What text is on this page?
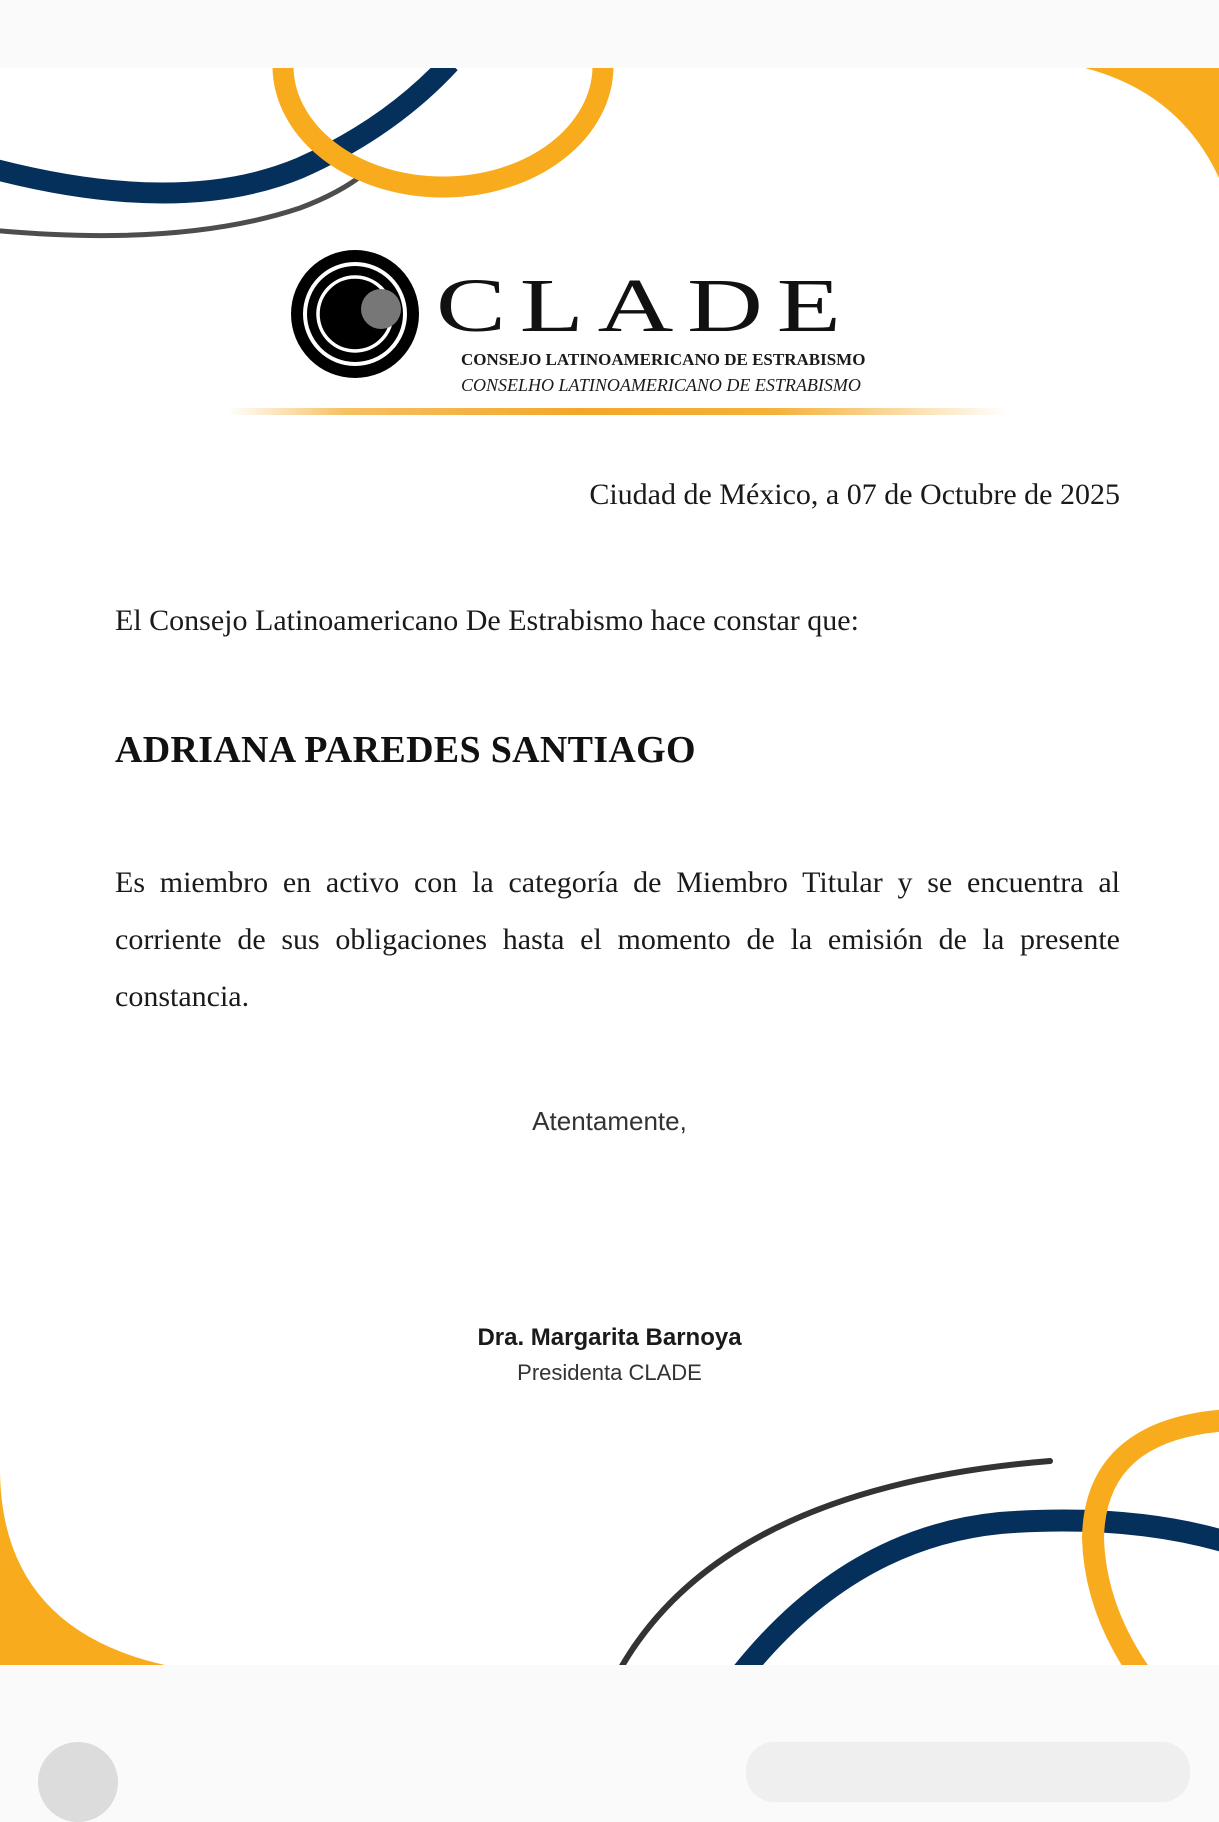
CLADE
CONSEJO LATINOAMERICANO DE ESTRABISMO
CONSELHO LATINOAMERICANO DE ESTRABISMO
Ciudad de México, a 07 de Octubre de 2025
El Consejo Latinoamericano De Estrabismo hace constar que:
ADRIANA PAREDES SANTIAGO
Es miembro en activo con la categoría de Miembro Titular y se encuentra al corriente de sus obligaciones hasta el momento de la emisión de la presente constancia.
Atentamente,
Dra. Margarita Barnoya
Presidenta CLADE
